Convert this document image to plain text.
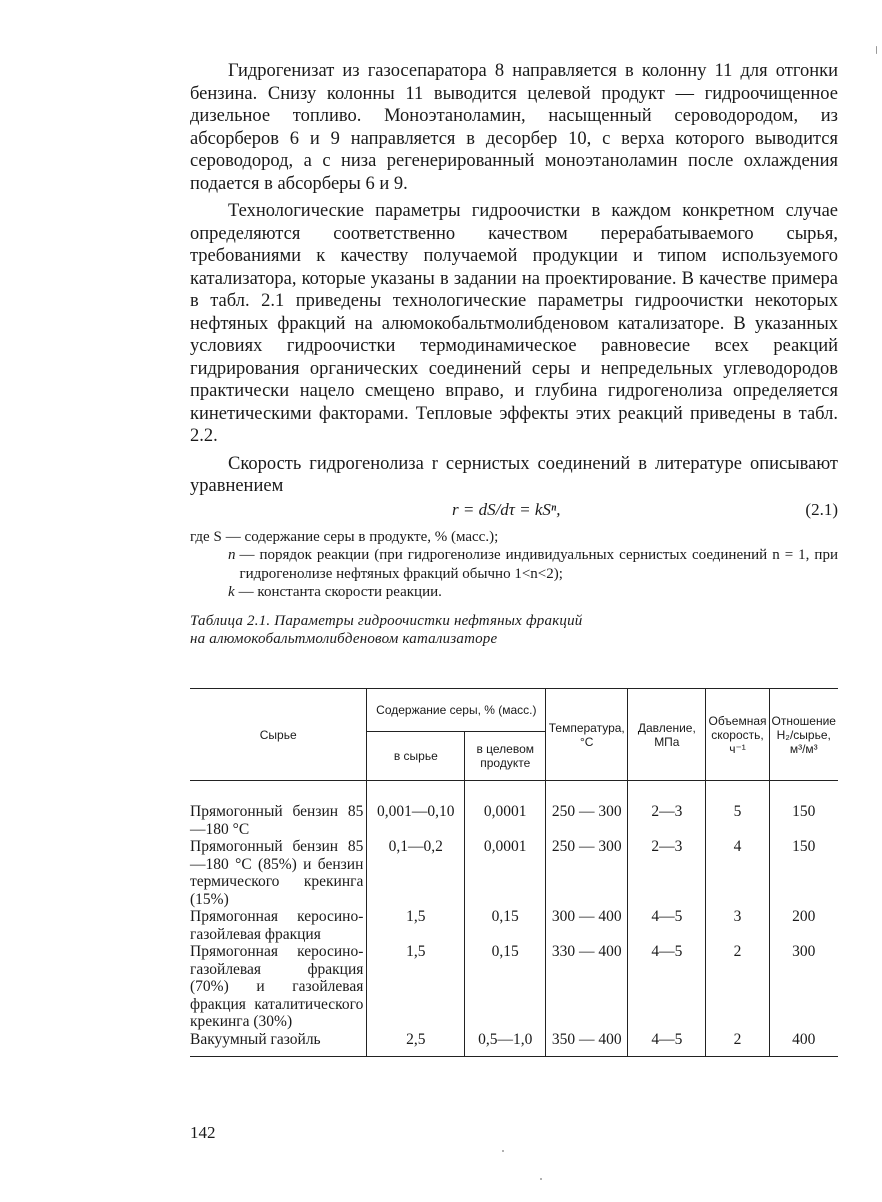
Гидрогенизат из газосепаратора 8 направляется в колонну 11 для отгонки бензина. Снизу колонны 11 выводится целевой продукт — гидроочищенное дизельное топливо. Моноэтаноламин, насыщенный сероводородом, из абсорберов 6 и 9 направляется в десорбер 10, с верха которого выводится сероводород, а с низа регенерированный моноэтаноламин после охлаждения подается в абсорберы 6 и 9.

Технологические параметры гидроочистки в каждом конкретном случае определяются соответственно качеством перерабатываемого сырья, требованиями к качеству получаемой продукции и типом используемого катализатора, которые указаны в задании на проектирование. В качестве примера в табл. 2.1 приведены технологические параметры гидроочистки некоторых нефтяных фракций на алюмокобальтмолибденовом катализаторе. В указанных условиях гидроочистки термодинамическое равновесие всех реакций гидрирования органических соединений серы и непредельных углеводородов практически нацело смещено вправо, и глубина гидрогенолиза определяется кинетическими факторами. Тепловые эффекты этих реакций приведены в табл. 2.2.

Скорость гидрогенолиза r сернистых соединений в литературе описывают уравнением

r = dS/dτ = kSⁿ,	(2.1)
где S — содержание серы в продукте, % (масс.);
n — порядок реакции (при гидрогенолизе индивидуальных сернистых соединений n = 1, при гидрогенолизе нефтяных фракций обычно 1<n<2);
k — константа скорости реакции.
Таблица 2.1. Параметры гидроочистки нефтяных фракций
на алюмокобальтмолибденовом катализаторе
Сырье	Содержание серы, % (масс.)		Температура, °С	Давление, МПа	Объемная скорость, ч⁻¹	Отношение H₂/сырье, м³/м³
	в сырье	в целевом продукте				
Прямогонный бензин 85—180 °С	0,001—0,10	0,0001	250 — 300	2—3	5	150
Прямогонный бензин 85—180 °С (85%) и бензин термического крекинга (15%)	0,1—0,2	0,0001	250 — 300	2—3	4	150
Прямогонная керосино-газойлевая фракция	1,5	0,15	300 — 400	4—5	3	200
Прямогонная керосино-газойлевая фракция (70%) и газойлевая фракция каталитического крекинга (30%)	1,5	0,15	330 — 400	4—5	2	300
Вакуумный газойль	2,5	0,5—1,0	350 — 400	4—5	2	400
142
